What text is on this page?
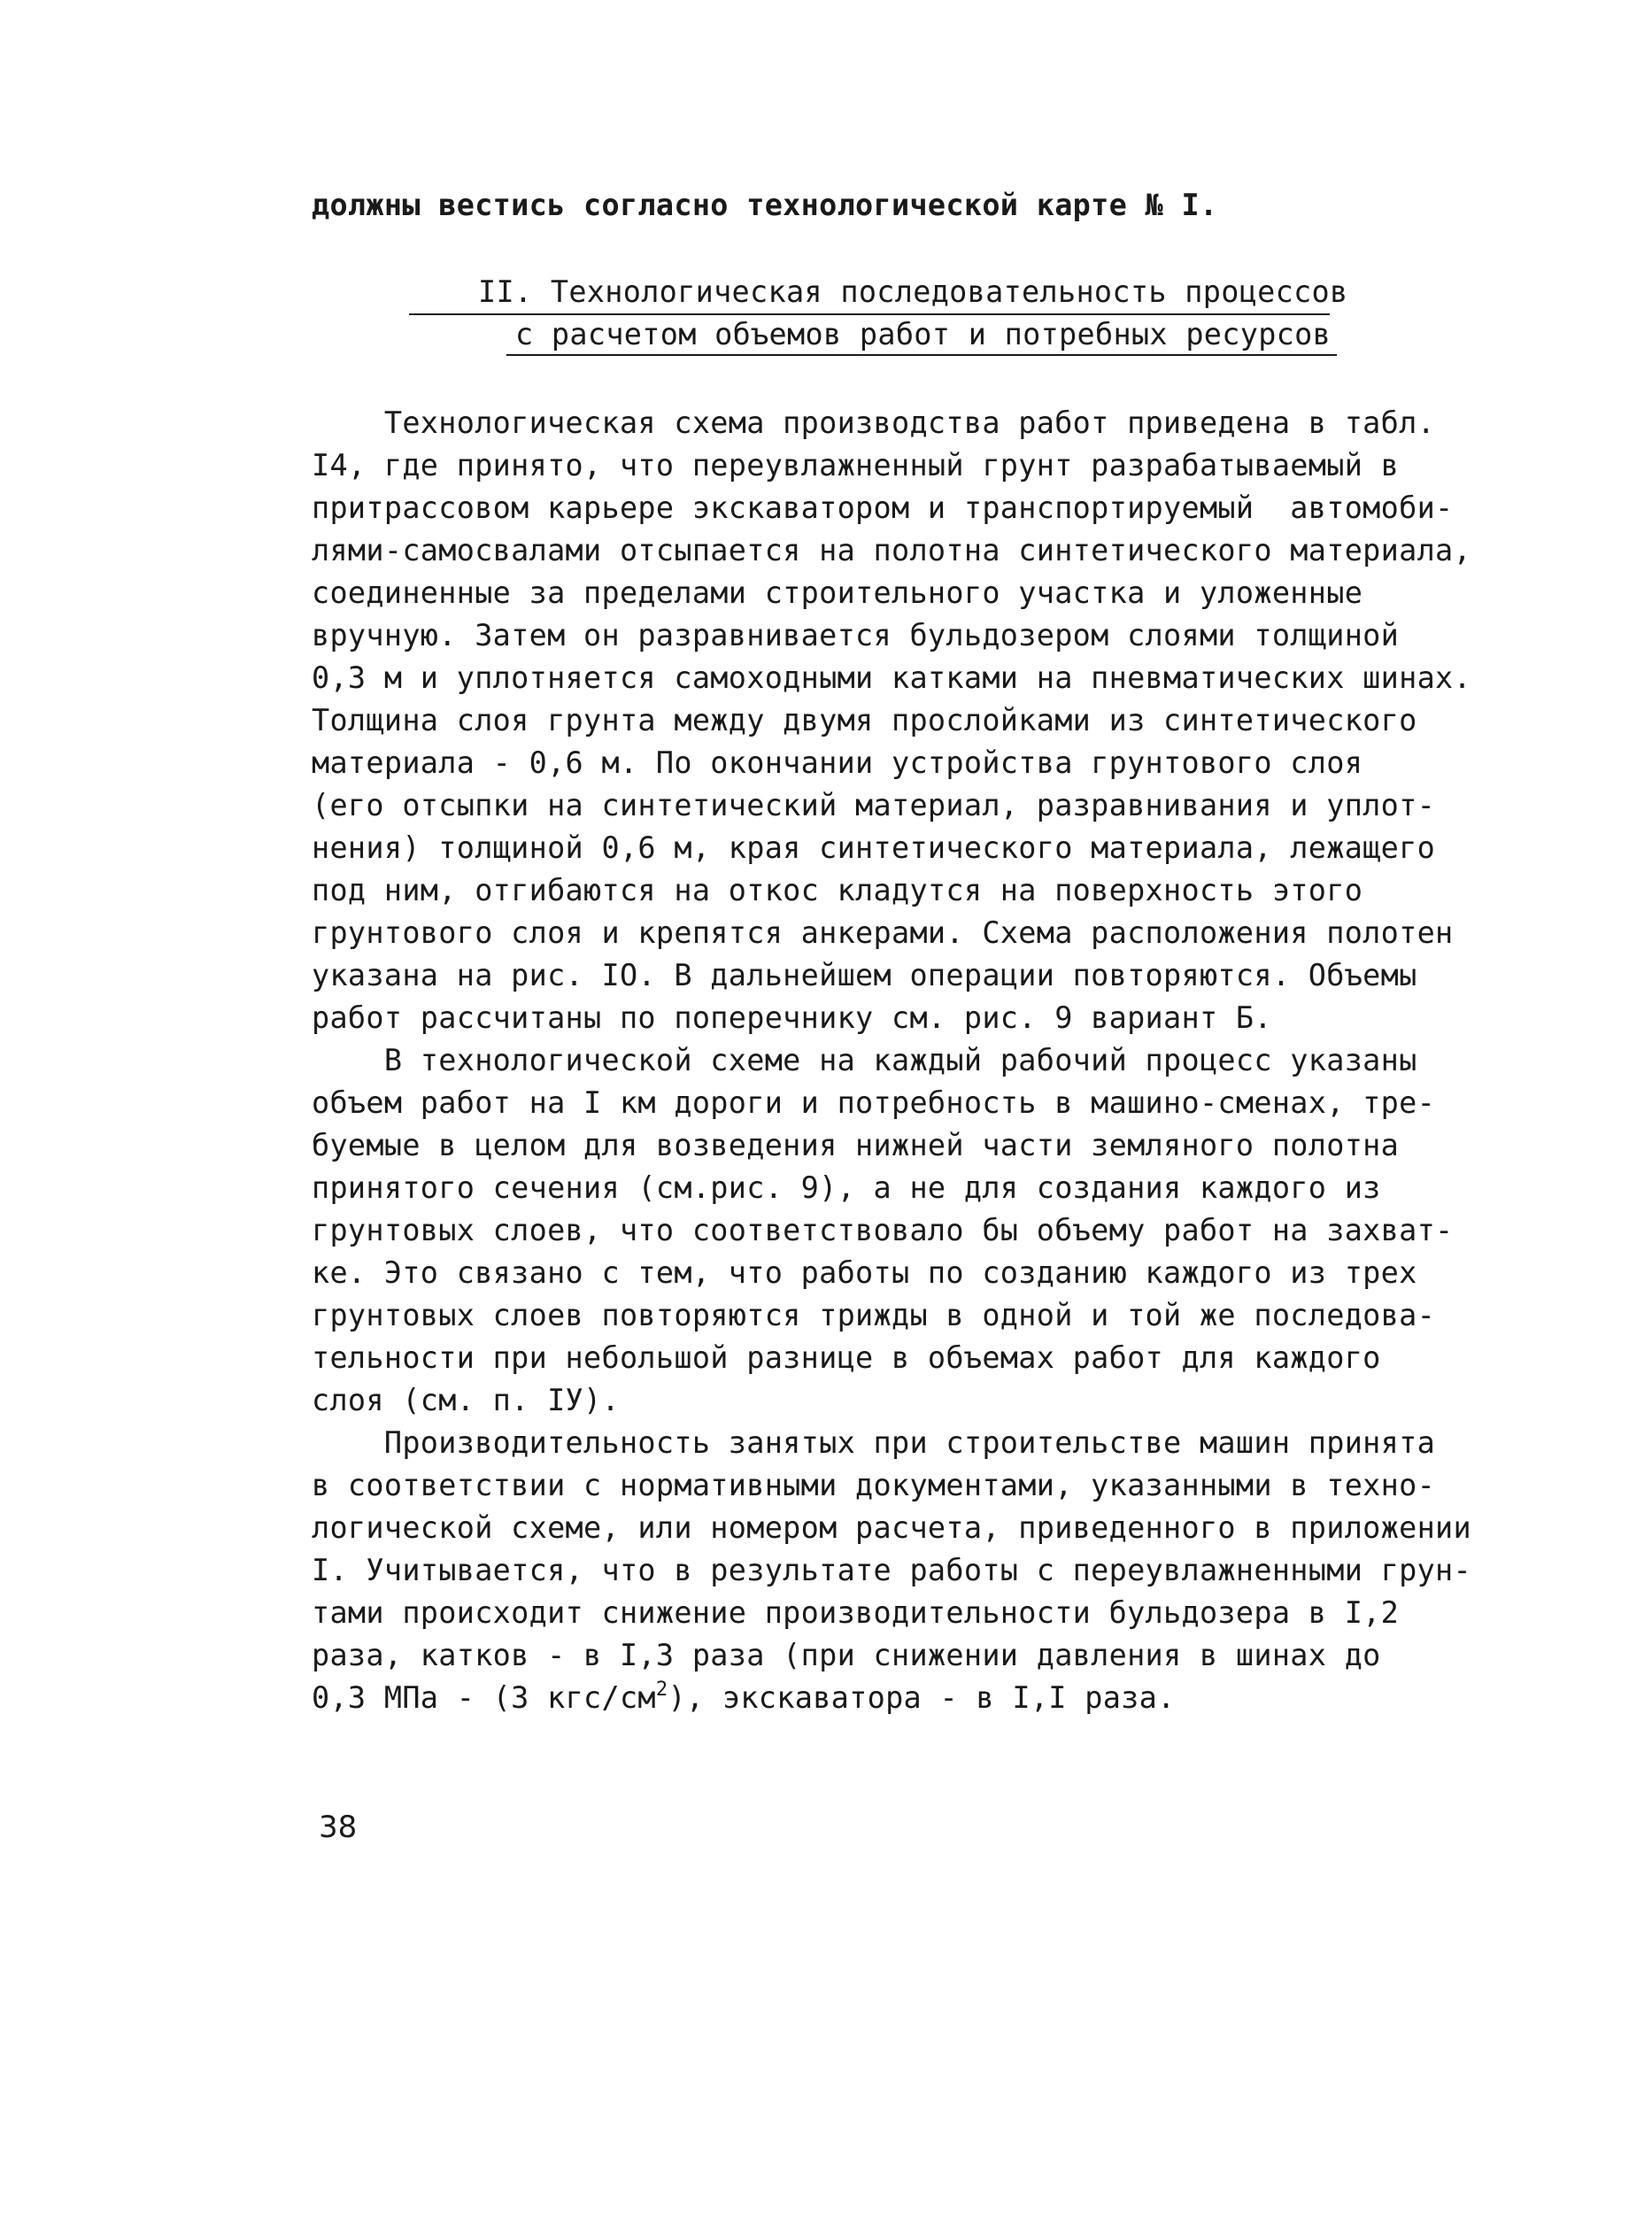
должны вестись согласно технологической карте № I.
II. Технологическая последовательность процессов
с расчетом объемов работ и потребных ресурсов
Технологическая схема производства работ приведена в табл.
I4, где принято, что переувлажненный грунт разрабатываемый в
притрассовом карьере экскаватором и транспортируемый  автомоби-
лями-самосвалами отсыпается на полотна синтетического материала,
соединенные за пределами строительного участка и уложенные
вручную. Затем он разравнивается бульдозером слоями толщиной
0,3 м и уплотняется самоходными катками на пневматических шинах.
Толщина слоя грунта между двумя прослойками из синтетического
материала - 0,6 м. По окончании устройства грунтового слоя
(его отсыпки на синтетический материал, разравнивания и уплот-
нения) толщиной 0,6 м, края синтетического материала, лежащего
под ним, отгибаются на откос кладутся на поверхность этого
грунтового слоя и крепятся анкерами. Схема расположения полотен
указана на рис. IO. В дальнейшем операции повторяются. Объемы
работ рассчитаны по поперечнику см. рис. 9 вариант Б.
В технологической схеме на каждый рабочий процесс указаны
объем работ на I км дороги и потребность в машино-сменах, тре-
буемые в целом для возведения нижней части земляного полотна
принятого сечения (см.рис. 9), а не для создания каждого из
грунтовых слоев, что соответствовало бы объему работ на захват-
ке. Это связано с тем, что работы по созданию каждого из трех
грунтовых слоев повторяются трижды в одной и той же последова-
тельности при небольшой разнице в объемах работ для каждого
слоя (см. п. IУ).
Производительность занятых при строительстве машин принята
в соответствии с нормативными документами, указанными в техно-
логической схеме, или номером расчета, приведенного в приложении
I. Учитывается, что в результате работы с переувлажненными грун-
тами происходит снижение производительности бульдозера в I,2
раза, катков - в I,3 раза (при снижении давления в шинах до
0,3 МПа - (3 кгс/$см^2$), экскаватора - в I,I раза.
38
